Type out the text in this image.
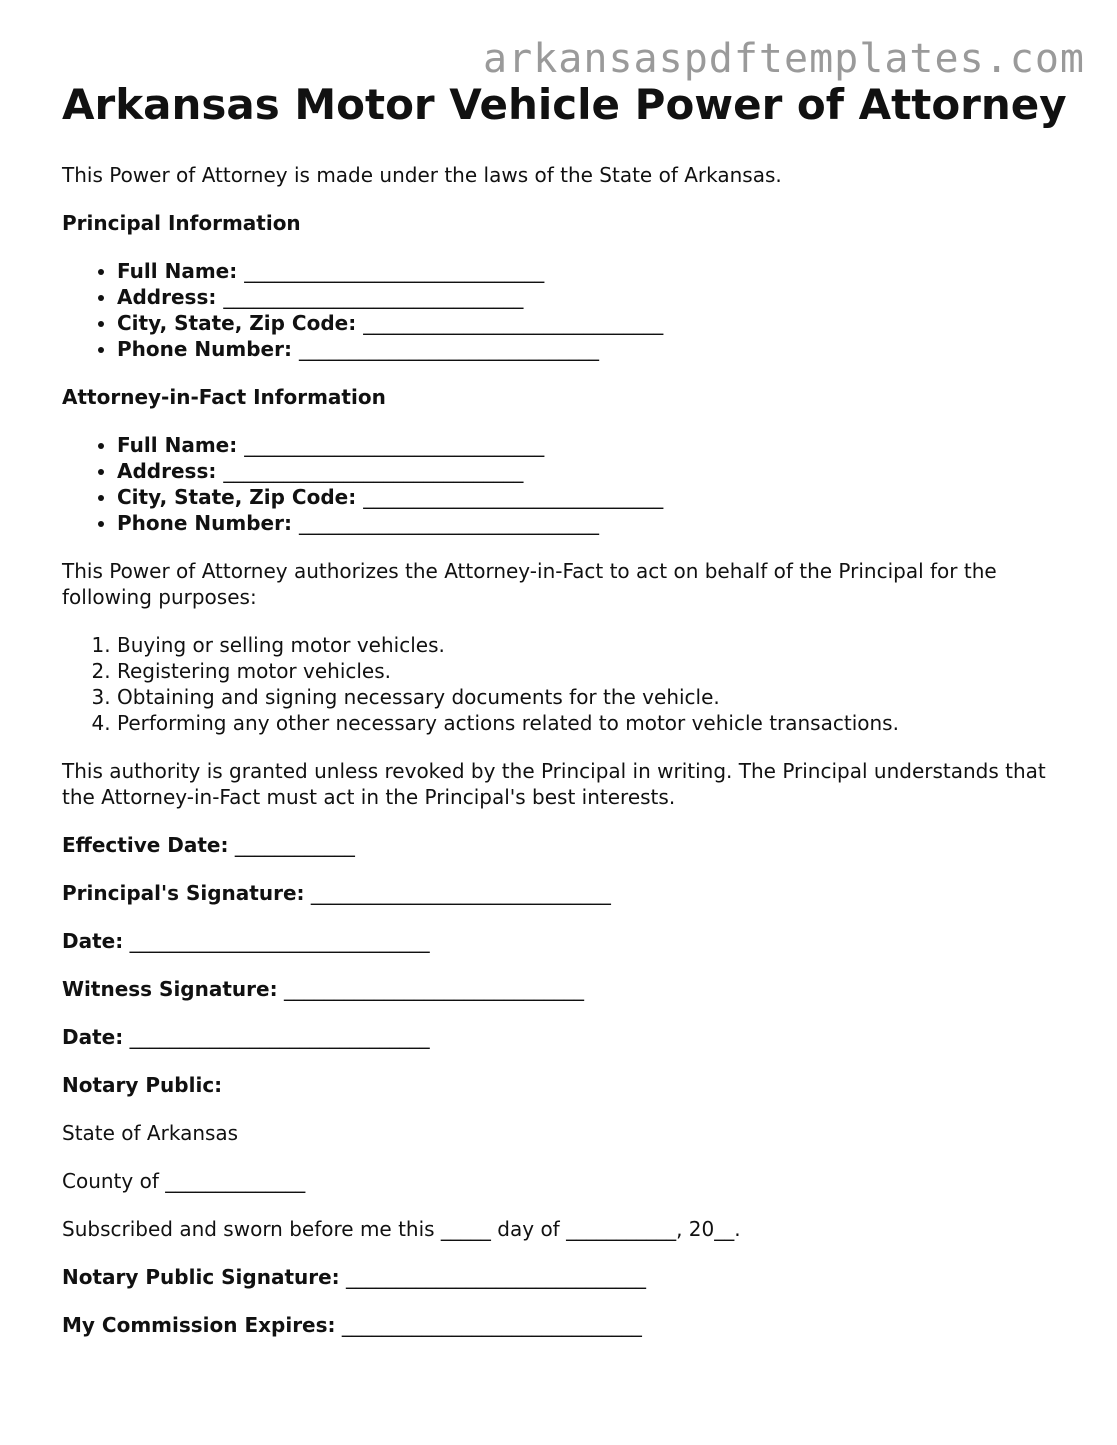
arkansaspdftemplates.com
Arkansas Motor Vehicle Power of Attorney

This Power of Attorney is made under the laws of the State of Arkansas.

Principal Information

• Full Name: ______________________________
• Address: ______________________________
• City, State, Zip Code: ______________________________
• Phone Number: ______________________________

Attorney-in-Fact Information

• Full Name: ______________________________
• Address: ______________________________
• City, State, Zip Code: ______________________________
• Phone Number: ______________________________

This Power of Attorney authorizes the Attorney-in-Fact to act on behalf of the Principal for the following purposes:

1. Buying or selling motor vehicles.
2. Registering motor vehicles.
3. Obtaining and signing necessary documents for the vehicle.
4. Performing any other necessary actions related to motor vehicle transactions.

This authority is granted unless revoked by the Principal in writing. The Principal understands that the Attorney-in-Fact must act in the Principal's best interests.

Effective Date: ____________

Principal's Signature: ______________________________

Date: ______________________________

Witness Signature: ______________________________

Date: ______________________________

Notary Public:

State of Arkansas

County of ______________

Subscribed and sworn before me this _____ day of ___________, 20__.

Notary Public Signature: ______________________________

My Commission Expires: ______________________________
